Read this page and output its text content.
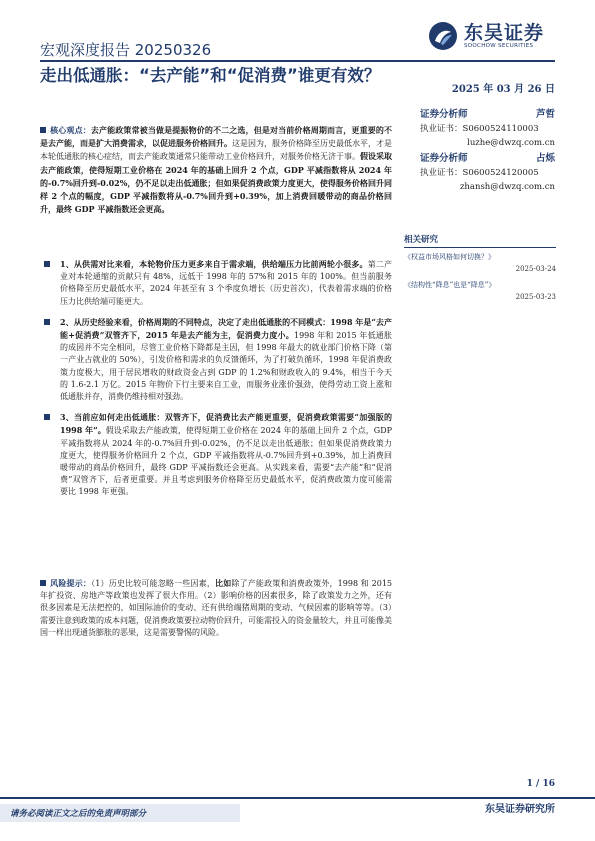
东吴证券
SOOCHOW SECURITIES
宏观深度报告 20250326
走出低通胀：“去产能”和“促消费”谁更有效？
2025 年 03 月 26 日
证券分析师	芦哲
执业证书：S0600524110003
luzhe@dwzq.com.cn
证券分析师	占烁
执业证书：S0600524120005
zhansh@dwzq.com.cn
相关研究
《权益市场风格如何切换？》
2025-03-24
《结构性“降息”也是“降息”》
2025-03-23
核心观点：去产能政策常被当做是提振物价的不二之选，但是对当前价格周期而言，更重要的不是去产能，而是扩大消费需求，以促进服务价格回升。这是因为，服务价格降至历史最低水平，才是本轮低通胀的核心症结，而去产能政策通常只能带动工业价格回升，对服务价格无济于事。假设采取去产能政策，使得短期工业价格在 2024 年的基础上回升 2 个点，GDP 平减指数将从 2024 年的-0.7%回升到-0.02%，仍不足以走出低通胀；但如果促消费政策力度更大，使得服务价格回升同样 2 个点的幅度，GDP 平减指数将从-0.7%回升到+0.39%，加上消费回暖带动的商品价格回升，最终 GDP 平减指数还会更高。
1、从供需对比来看，本轮物价压力更多来自于需求端，供给端压力比前两轮小很多。第二产业对本轮通缩的贡献只有 48%，远低于 1998 年的 57%和 2015 年的 100%。但当前服务价格降至历史最低水平，2024 年甚至有 3 个季度负增长（历史首次），代表着需求端的价格压力比供给端可能更大。
2、从历史经验来看，价格周期的不同特点，决定了走出低通胀的不同模式：1998 年是“去产能+促消费”双管齐下，2015 年是去产能为主，促消费力度小。1998 年和 2015 年低通胀的成因并不完全相同，尽管工业价格下降都是主因，但 1998 年最大的就业部门价格下降（第一产业占就业的 50%），引发价格和需求的负反馈循环，为了打破负循环，1998 年促消费政策力度极大，用于居民增收的财政资金占到 GDP 的 1.2%和财政收入的 9.4%，相当于今天的 1.6-2.1 万亿。2015 年物价下行主要来自工业，而服务业涨价强劲，使得劳动工资上涨和低通胀并存，消费仍维持相对强劲。
3、当前应如何走出低通胀：双管齐下，促消费比去产能更重要，促消费政策需要“加强版的 1998 年”。假设采取去产能政策，使得短期工业价格在 2024 年的基础上回升 2 个点，GDP 平减指数将从 2024 年的-0.7%回升到-0.02%，仍不足以走出低通胀；但如果促消费政策力度更大，使得服务价格回升 2 个点，GDP 平减指数将从-0.7%回升到+0.39%，加上消费回暖带动的商品价格回升，最终 GDP 平减指数还会更高。从实践来看，需要“去产能”和“促消费”双管齐下，后者更重要。并且考虑到服务价格降至历史最低水平，促消费政策力度可能需要比 1998 年更强。
风险提示：（1）历史比较可能忽略一些因素，比如除了产能政策和消费政策外，1998 和 2015 年扩投资、房地产等政策也发挥了很大作用。（2）影响价格的因素很多，除了政策发力之外，还有很多因素是无法把控的，如国际油价的变动、还有供给端猪周期的变动、气候因素的影响等等。（3）需要注意到政策的成本问题，促消费政策要拉动物价回升，可能需投入的资金量较大，并且可能像美国一样出现通货膨胀的恶果，这是需要警惕的风险。
1 / 16
请务必阅读正文之后的免责声明部分	东吴证券研究所
